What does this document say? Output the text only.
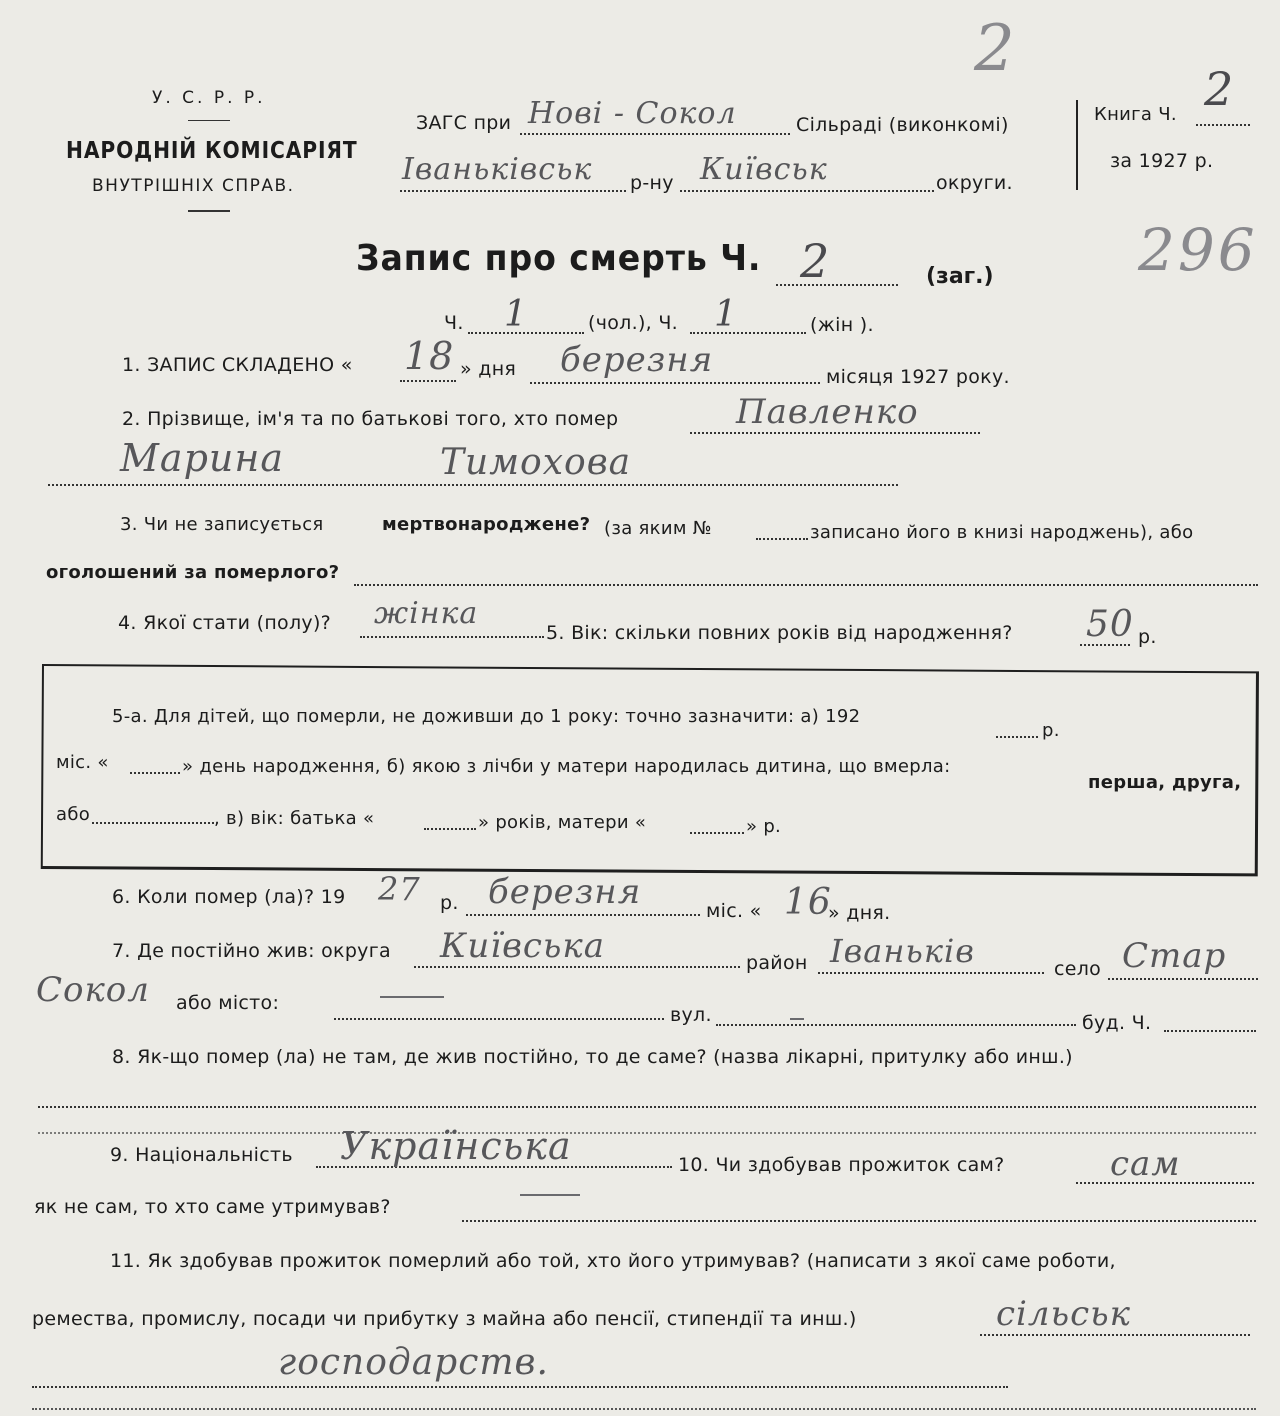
У. С. Р. Р.
НАРОДНІЙ КОМІСАРІЯТ
ВНУТРІШНІХ СПРАВ.
ЗАГС при Нові - Сокол	Сільраді (виконкомі)
Іваньківськ р-ну Київськ	округи.
Книга Ч. 2
за 1927 р.
2
296
Запис про смерть Ч. 2	(заг.)
Ч. 1	(чол.), Ч. 1	(жін ).
1. ЗАПИС СКЛАДЕНО « 18 » дня березня	місяця 1927 року.
2. Прізвище, ім'я та по батькові того, хто помер	Павленко
Марина	Тимохова
3. Чи не записується	мертвонароджене? (за яким №	записано його в книзі народжень), або
оголошений за померлого?
4. Якої стати (полу)? жінка
5. Вік: скільки повних років від народження? 50 р.
5-а. Для дітей, що померли, не доживши до 1 року: точно зазначити: а) 192
р.
міс. «	» день народження, б) якою з лічби у матери народилась дитина, що вмерла:
перша, друга,
або	, в) вік: батька «	» років, матери «	» р.
6. Коли помер (ла)? 19 27 р. березня	міс. « 16
» дня.
7. Де постійно жив: округа Київська	район Іваньків	село Стар
Сокол або місто:
вул.	буд. Ч.
8. Як-що помер (ла) не там, де жив постійно, то де саме? (назва лікарні, притулку або инш.)
9. Національність Українська	10. Чи здобував прожиток сам?	сам
як не сам, то хто саме утримував?
11. Як здобував прожиток померлий або той, хто його утримував? (написати з якої саме роботи,
ремества, промислу, посади чи прибутку з майна або пенсії, стипендії та инш.)	сільськ
господарств.
